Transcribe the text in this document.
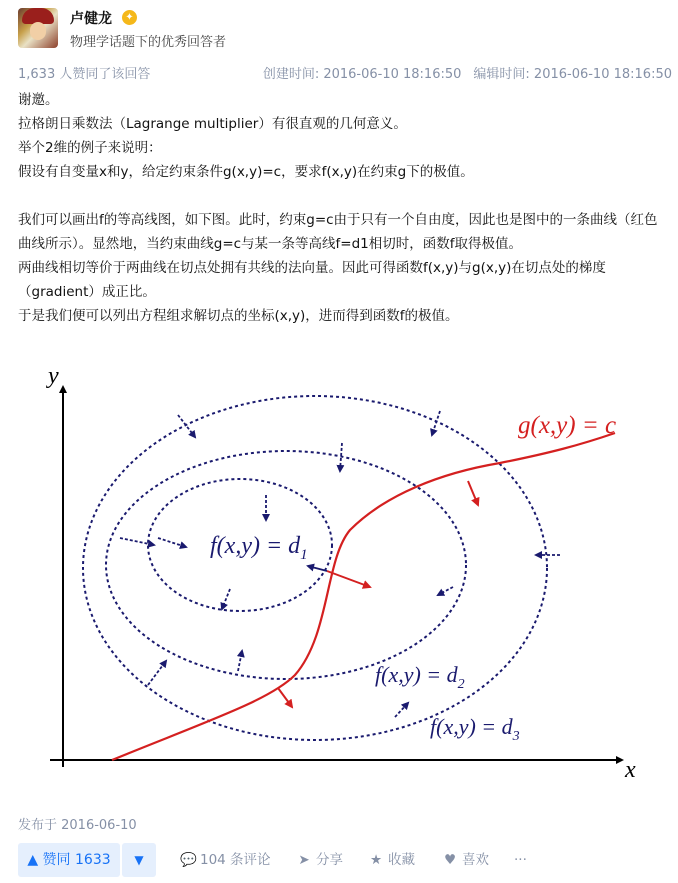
卢健龙	✦
物理学话题下的优秀回答者
1,633 人赞同了该回答	创建时间: 2016-06-10 18:16:50 编辑时间: 2016-06-10 18:16:50

谢邀。

拉格朗日乘数法（Lagrange multiplier）有很直观的几何意义。

举个2维的例子来说明：

假设有自变量x和y，给定约束条件g(x,y)=c，要求f(x,y)在约束g下的极值。

我们可以画出f的等高线图，如下图。此时，约束g=c由于只有一个自由度，因此也是图中的一条曲线（红色曲线所示）。显然地，当约束曲线g=c与某一条等高线f=d1相切时，函数f取得极值。

两曲线相切等价于两曲线在切点处拥有共线的法向量。因此可得函数f(x,y)与g(x,y)在切点处的梯度（gradient）成正比。

于是我们便可以列出方程组求解切点的坐标(x,y)，进而得到函数f的极值。

y
x
g(x,y) = c
$f(x,y) = d_1$
$f(x,y) = d_2$
$f(x,y) = d_3$
发布于 2016-06-10
▲ 赞同 1633	▼	💬 104 条评论 ➤ 分享 ★ 收藏 ♥ 喜欢 ···
